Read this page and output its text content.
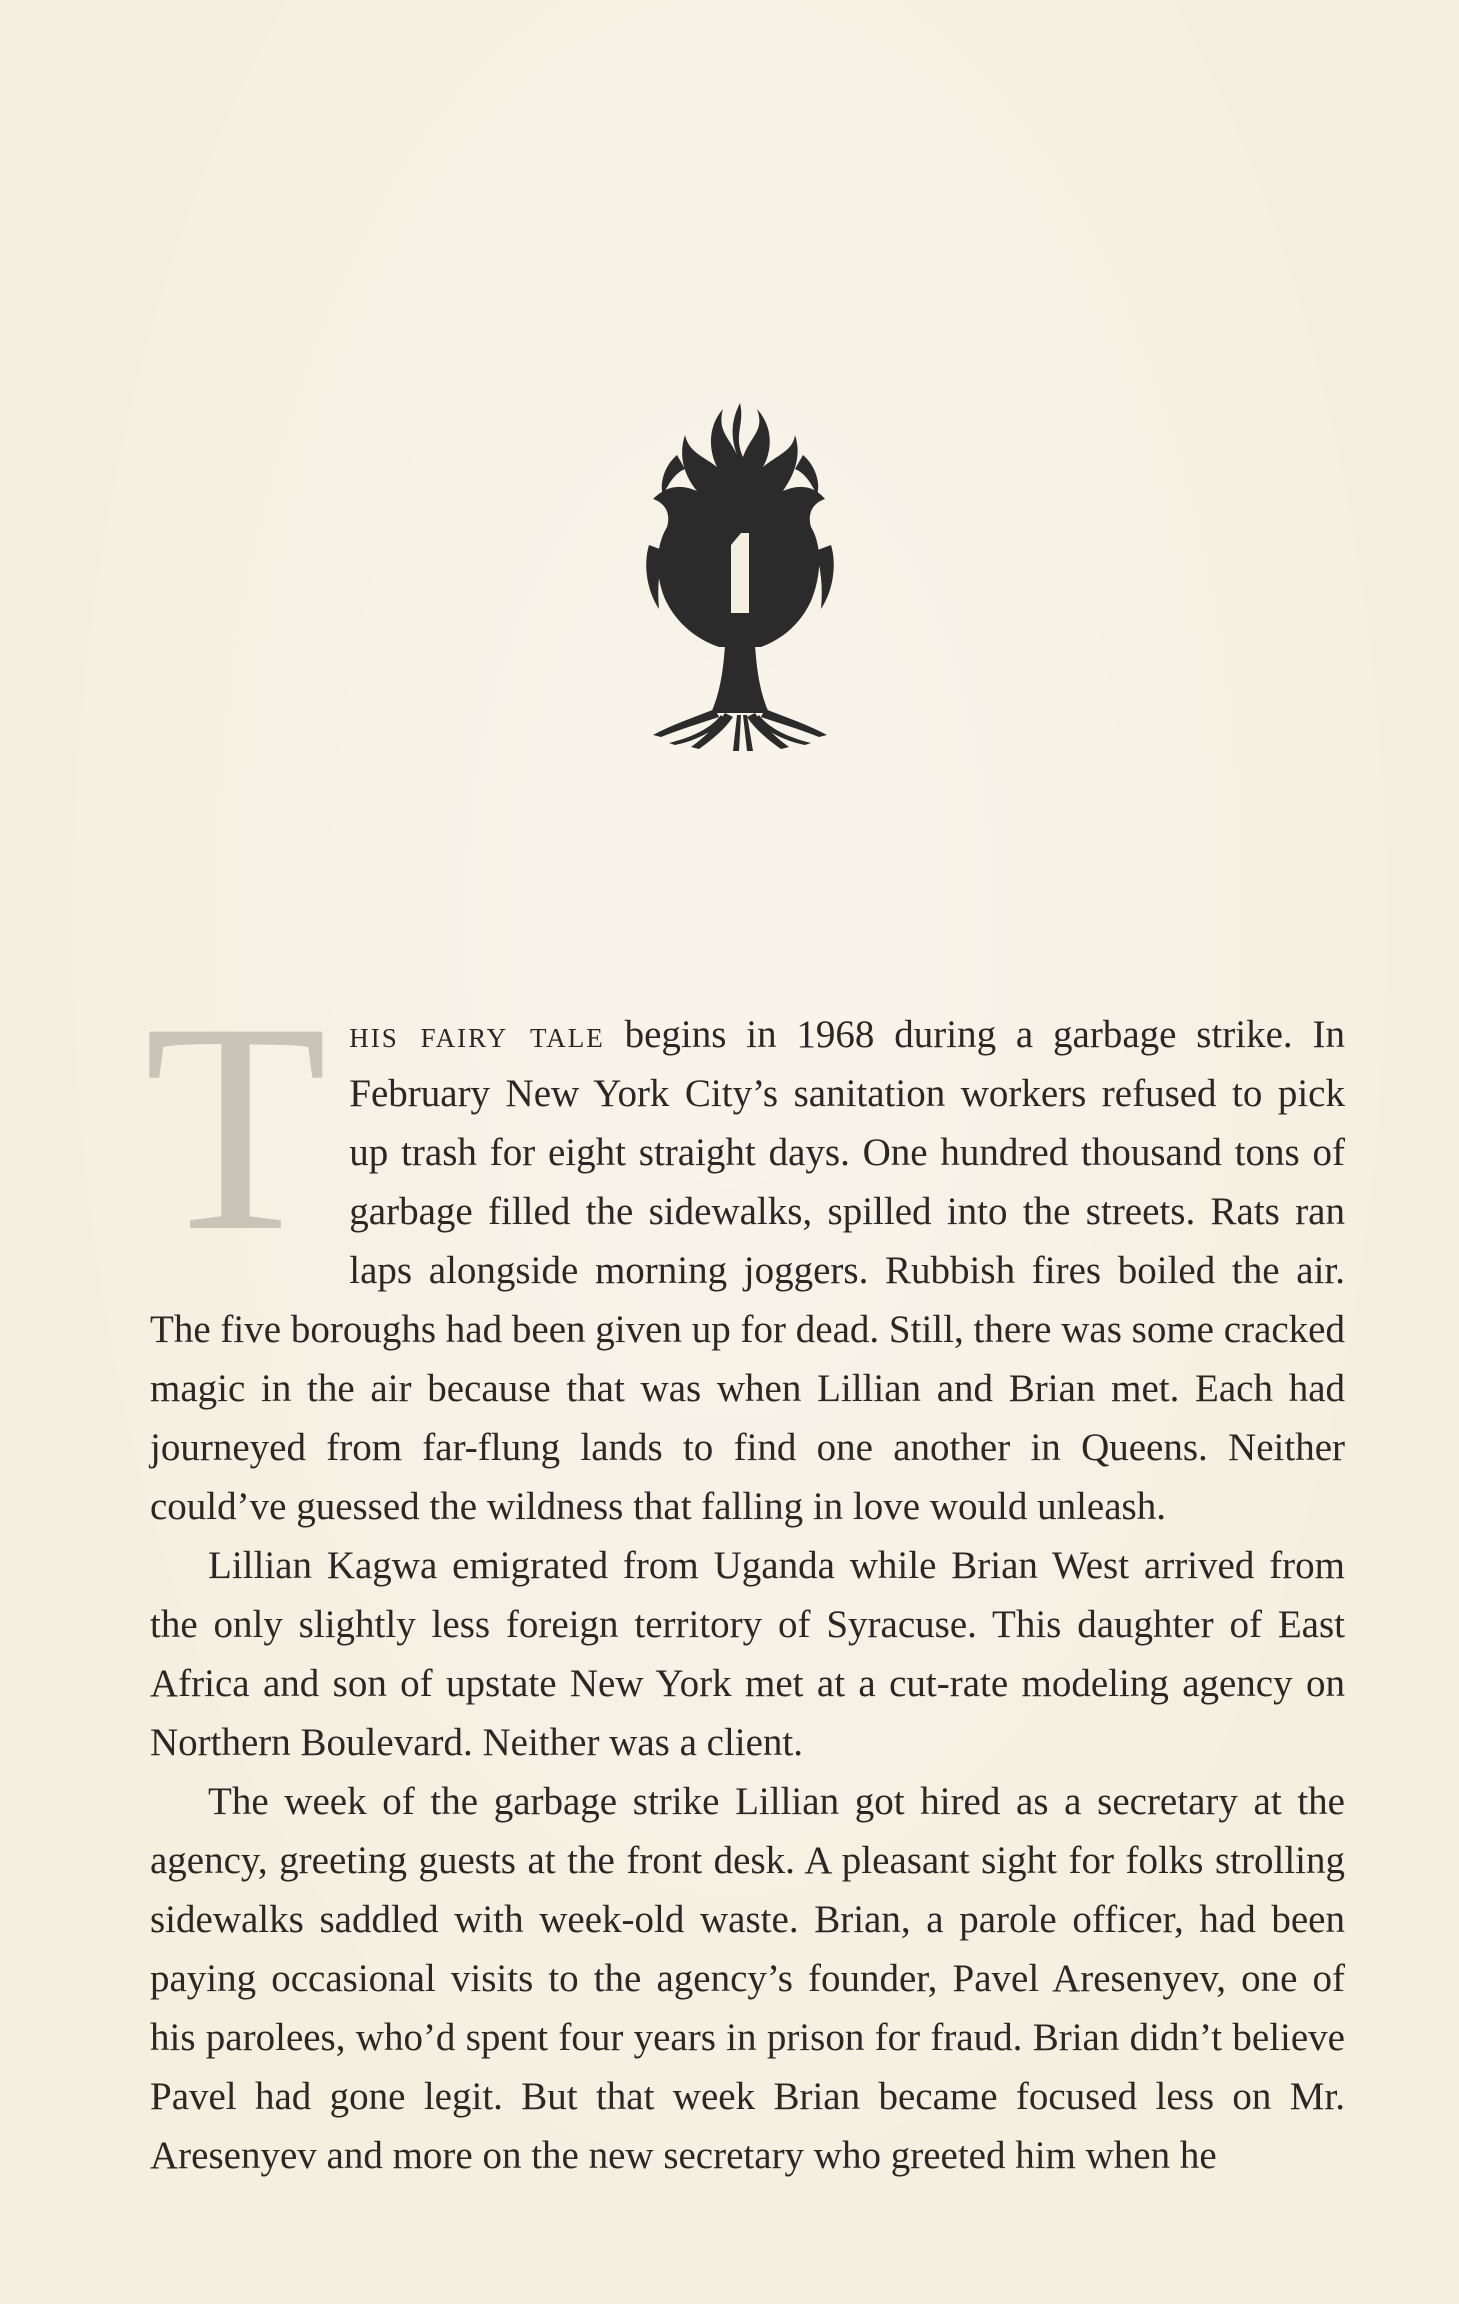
This fairy tale begins in 1968 during a garbage strike. In February New York City’s sanitation workers refused to pick up trash for eight straight days. One hundred thousand tons of garbage filled the sidewalks, spilled into the streets. Rats ran laps alongside morning joggers. Rubbish fires boiled the air. The five boroughs had been given up for dead. Still, there was some cracked magic in the air because that was when Lillian and Brian met. Each had journeyed from far-flung lands to find one another in Queens. Neither could’ve guessed the wildness that falling in love would unleash.

Lillian Kagwa emigrated from Uganda while Brian West arrived from the only slightly less foreign territory of Syracuse. This daughter of East Africa and son of upstate New York met at a cut-rate modeling agency on Northern Boulevard. Neither was a client.

The week of the garbage strike Lillian got hired as a secretary at the agency, greeting guests at the front desk. A pleasant sight for folks strolling sidewalks saddled with week-old waste. Brian, a parole officer, had been paying occasional visits to the agency’s founder, Pavel Aresenyev, one of his parolees, who’d spent four years in prison for fraud. Brian didn’t believe Pavel had gone legit. But that week Brian became focused less on Mr. Aresenyev and more on the new secretary who greeted him when he
